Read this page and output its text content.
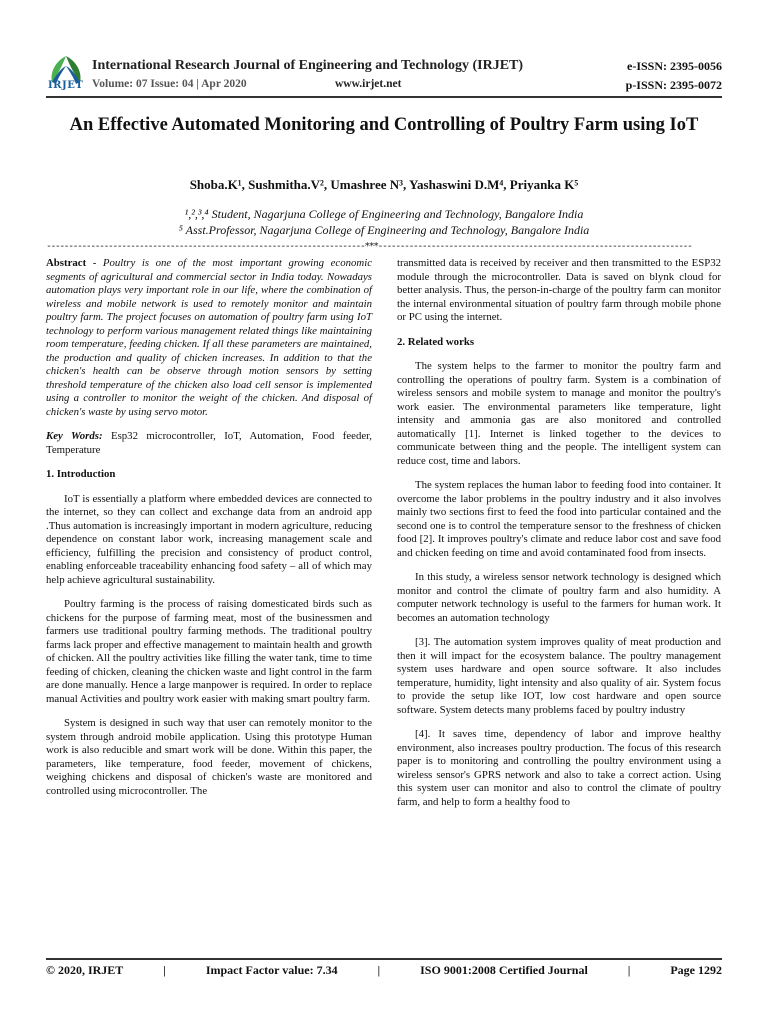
IRJET
International Research Journal of Engineering and Technology (IRJET)
Volume: 07 Issue: 04 | Apr 2020	www.irjet.net
e-ISSN: 2395-0056
p-ISSN: 2395-0072
An Effective Automated Monitoring and Controlling of Poultry Farm using IoT
Shoba.K¹, Sushmitha.V², Umashree N³, Yashaswini D.M⁴, Priyanka K⁵
¹,²,³,⁴ Student, Nagarjuna College of Engineering and Technology, Bangalore India
⁵ Asst.Professor, Nagarjuna College of Engineering and Technology, Bangalore India
------------------------------------------------------------------------***-----------------------------------------------------------------------

Abstract - Poultry is one of the most important growing economic segments of agricultural and commercial sector in India today. Nowadays automation plays very important role in our life, where the combination of wireless and mobile network is used to remotely monitor and maintain poultry farm. The project focuses on automation of poultry farm using IoT technology to perform various management related things like maintaining room temperature, feeding chicken. If all these parameters are maintained, the production and quality of chicken increases. In addition to that the chicken's health can be observe through motion sensors by setting threshold temperature of the chicken also load cell sensor is implemented using a controller to monitor the weight of the chicken. And disposal of chicken's waste by using servo motor.

Key Words: Esp32 microcontroller, IoT, Automation, Food feeder, Temperature

1. Introduction

IoT is essentially a platform where embedded devices are connected to the internet, so they can collect and exchange data from an android app .Thus automation is increasingly important in modern agriculture, reducing dependence on constant labor work, increasing management scale and efficiency, fulfilling the precision and consistency of product control, enabling enforceable traceability enhancing food safety – all of which may help achieve agricultural sustainability.

Poultry farming is the process of raising domesticated birds such as chickens for the purpose of farming meat, most of the businessmen and farmers use traditional poultry farming methods. The traditional poultry farms lack proper and effective management to maintain health and growth of chicken. All the poultry activities like filling the water tank, time to time feeding of chicken, cleaning the chicken waste and light control in the farm are done manually. Hence a large manpower is required. In order to replace manual Activities and poultry work easier with making smart poultry farm.

System is designed in such way that user can remotely monitor to the system through android mobile application. Using this prototype Human work is also reducible and smart work will be done. Within this paper, the parameters, like temperature, food feeder, movement of chickens, weighing chickens and disposal of chicken's waste are monitored and controlled using microcontroller. The

transmitted data is received by receiver and then transmitted to the ESP32 module through the microcontroller. Data is saved on blynk cloud for better analysis. Thus, the person-in-charge of the poultry farm can monitor the internal environmental situation of poultry farm through mobile phone or PC using the internet.

2. Related works

The system helps to the farmer to monitor the poultry farm and controlling the operations of poultry farm. System is a combination of wireless sensors and mobile system to manage and monitor the poultry's work easier. The environmental parameters like temperature, light intensity and ammonia gas are also monitored and controlled automatically [1]. Internet is linked together to the devices to communicate between thing and the people. The intelligent system can reduce cost, time and labors.

The system replaces the human labor to feeding food into container. It overcome the labor problems in the poultry industry and it also involves mainly two sections first to feed the food into particular contained and the second one is to control the temperature sensor to the freshness of chicken food [2]. It improves poultry's climate and reduce labor cost and save food and chicken feeding on time and avoid contaminated food from insects.

In this study, a wireless sensor network technology is designed which monitor and control the climate of poultry farm and also humidity. A computer network technology is useful to the farmers for human work. It becomes an automation technology

[3]. The automation system improves quality of meat production and then it will impact for the ecosystem balance. The poultry management system uses hardware and open source software. It also includes temperature, humidity, light intensity and also quality of air. System focus to provide the setup like IOT, low cost hardware and open source software. System detects many problems faced by poultry industry

[4]. It saves time, dependency of labor and improve healthy environment, also increases poultry production. The focus of this research paper is to monitoring and controlling the poultry environment using a wireless sensor's GPRS network and also to take a correct action. Using this system user can monitor and also to control the climate of poultry farm, and help to form a healthy food to

© 2020, IRJET	|	Impact Factor value: 7.34	|	ISO 9001:2008 Certified Journal	|	Page 1292
